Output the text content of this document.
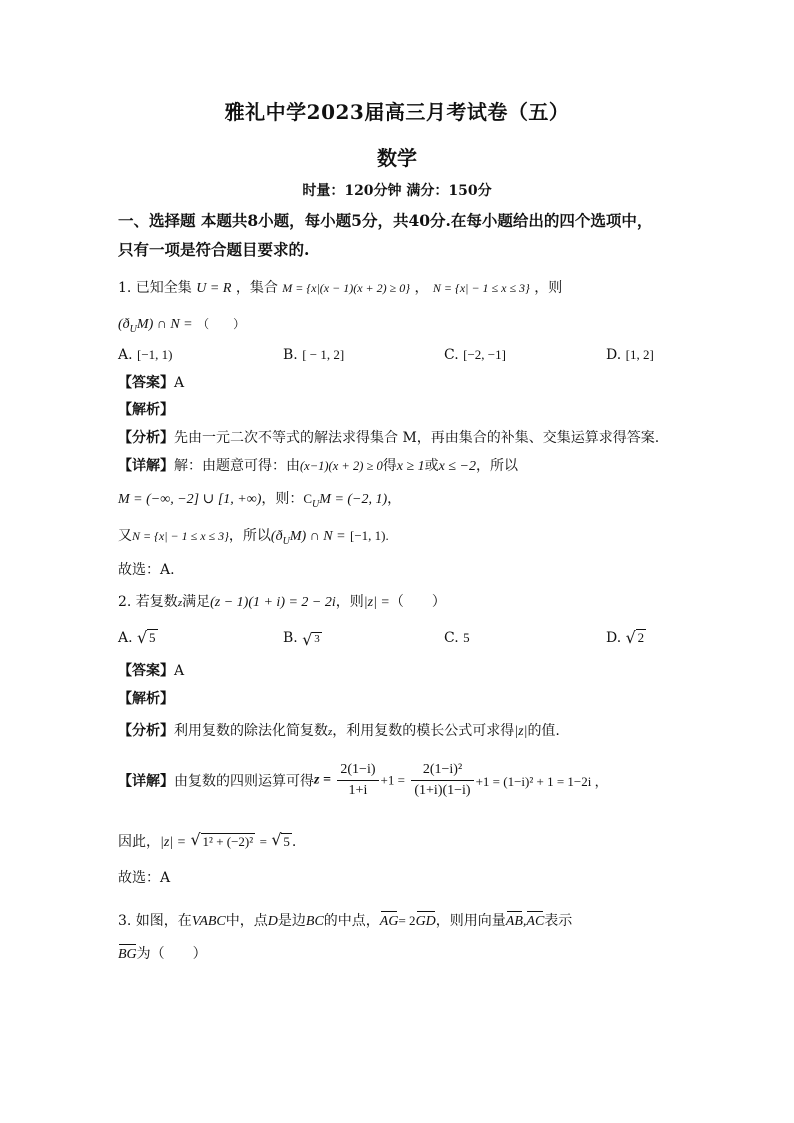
雅礼中学2023届高三月考试卷（五）
数学
时量：120分钟 满分：150分
一、选择题 本题共8小题，每小题5分，共40分.在每小题给出的四个选项中，
只有一项是符合题目要求的.
1. 已知全集 U = R ，集合 M = {x|(x − 1)(x + 2) ≥ 0} ， N = {x| − 1 ≤ x ≤ 3} ，则
$(ð_UM)$ ∩ N = （　　）
A. [−1, 1)	B. [ − 1, 2]	C. [−2, −1]	D. [1, 2]
【答案】A
【解析】
【分析】先由一元二次不等式的解法求得集合 M，再由集合的补集、交集运算求得答案.
【详解】解：由题意可得：由(x−1)(x + 2) ≥ 0得x ≥ 1或x ≤ −2，所以
M = (−∞, −2] ∪ [1, +∞)，则：$C_UM = (-2$, 1)，
又N = {x| − 1 ≤ x ≤ 3}，所以$(ð_UM)$ ∩ N = [−1, 1).
故选：A.
2. 若复数z满足(z − 1)(1 + i) = 2 − 2i，则|z| =（　　）
A. √ 5	B. √ 3	C. 5	D. √ 2
【答案】A
【解析】
【分析】利用复数的除法化简复数z，利用复数的模长公式可求得|z|的值.
【详解】由复数的四则运算可得$z = \frac{2(1-i)}{1+i} +1 = \frac{\text{2(1−i)²}}{(1+i)(1-i)} +1 = (1-i)^2 + 1 = 1-2i$ ，
因此，|z| = √ 1² + (−2)² = √ 5 .
故选：A
3. 如图，在VABC中，点D是边BC的中点，AG= 2GD，则用向量AB,AC表示
BG为（　　）
